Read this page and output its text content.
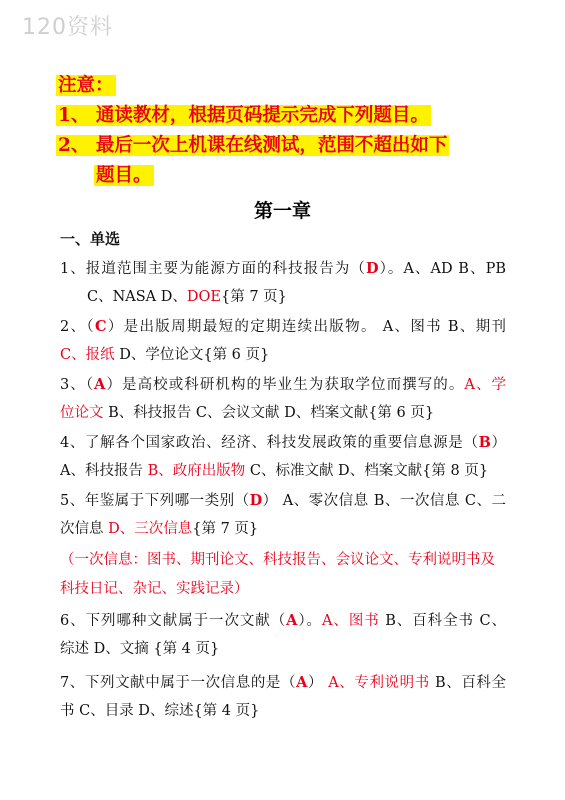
120资料
注意：
1、 通读教材，根据页码提示完成下列题目。
2、 最后一次上机课在线测试，范围不超出如下
题目。
第一章
一、单选
1、报道范围主要为能源方面的科技报告为（D）。A、AD B、PB
C、NASA D、DOE{第 7 页}
2、（C）是出版周期最短的定期连续出版物。 A、图书 B、期刊
C、报纸 D、学位论文{第 6 页}
3、（A）是高校或科研机构的毕业生为获取学位而撰写的。A、学
位论文 B、科技报告 C、会议文献 D、档案文献{第 6 页}
4、了解各个国家政治、经济、科技发展政策的重要信息源是（B）
A、科技报告 B、政府出版物 C、标准文献 D、档案文献{第 8 页}
5、年鉴属于下列哪一类别（D） A、零次信息 B、一次信息 C、二
次信息 D、三次信息{第 7 页}
（一次信息：图书、期刊论文、科技报告、会议论文、专利说明书及
科技日记、杂记、实践记录）
6、下列哪种文献属于一次文献（A）。A、图书 B、百科全书 C、
综述 D、文摘 {第 4 页}
7、下列文献中属于一次信息的是（A） A、专利说明书 B、百科全
书 C、目录 D、综述{第 4 页}
